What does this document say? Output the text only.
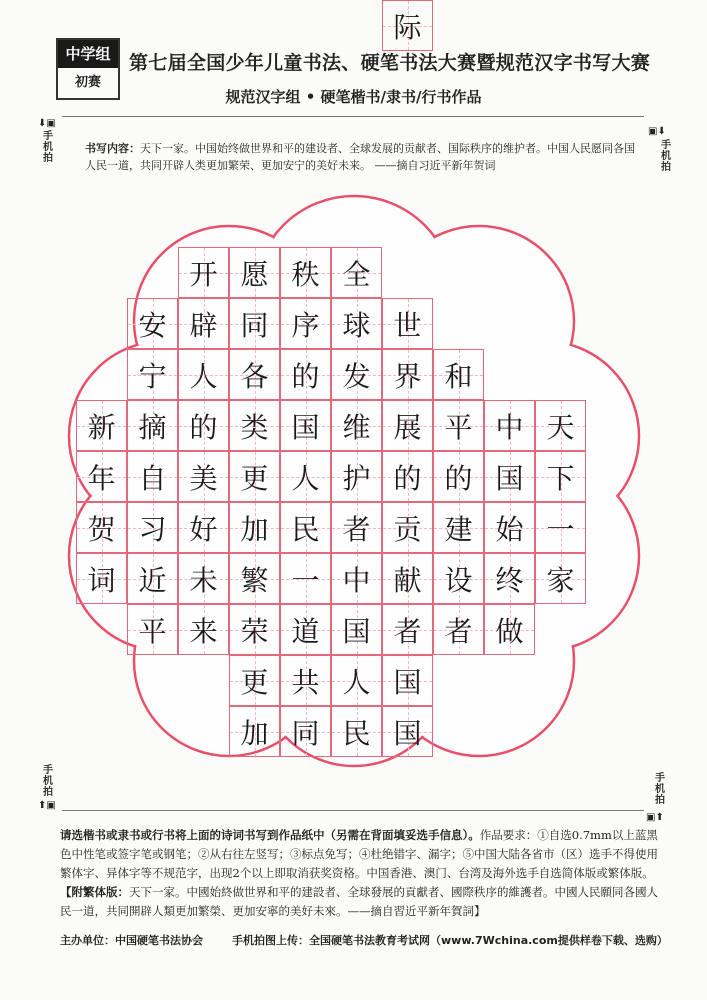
中学组
初赛
第七届全国少年儿童书法、硬笔书法大赛暨规范汉字书写大赛
规范汉字组 • 硬笔楷书/隶书/行书作品
⬇▣
手机拍
▣⬇
手机拍
手机拍
⬆▣
手机拍
▣⬆
书写内容：天下一家。中国始终做世界和平的建设者、全球发展的贡献者、国际秩序的维护者。中国人民愿同各国人民一道，共同开辟人类更加繁荣、更加安宁的美好未来。 ——摘自习近平新年贺词
天
下
一
家
中
国
始
终
做
和
平
的
建
设
者
世
界
展
的
贡
献
者
国
国
际
全
球
发
维
护
者
中
国
人
民
秩
序
的
国
人
民
一
道
共
同
愿
同
各
类
更
加
繁
荣
更
加
开
辟
人
的
美
好
未
来
安
宁
摘
自
习
近
平
新
年
贺
词
请选楷书或隶书或行书将上面的诗词书写到作品纸中（另需在背面填妥选手信息）。作品要求：①自选0.7mm以上蓝黑色中性笔或签字笔或钢笔；②从右往左竖写；③标点免写；④杜绝错字、漏字；⑤中国大陆各省市（区）选手不得使用繁体字、异体字等不规范字，出现2个以上即取消获奖资格。中国香港、澳门、台湾及海外选手自选简体版或繁体版。
【附繁体版：天下一家。中國始終做世界和平的建設者、全球發展的貢獻者、國際秩序的維護者。中國人民願同各國人民一道，共同開辟人類更加繁榮、更加安寧的美好未來。——摘自習近平新年賀詞】
主办单位：中国硬笔书法协会	手机拍图上传：全国硬笔书法教育考试网（www.7Wchina.com提供样卷下载、选购）
